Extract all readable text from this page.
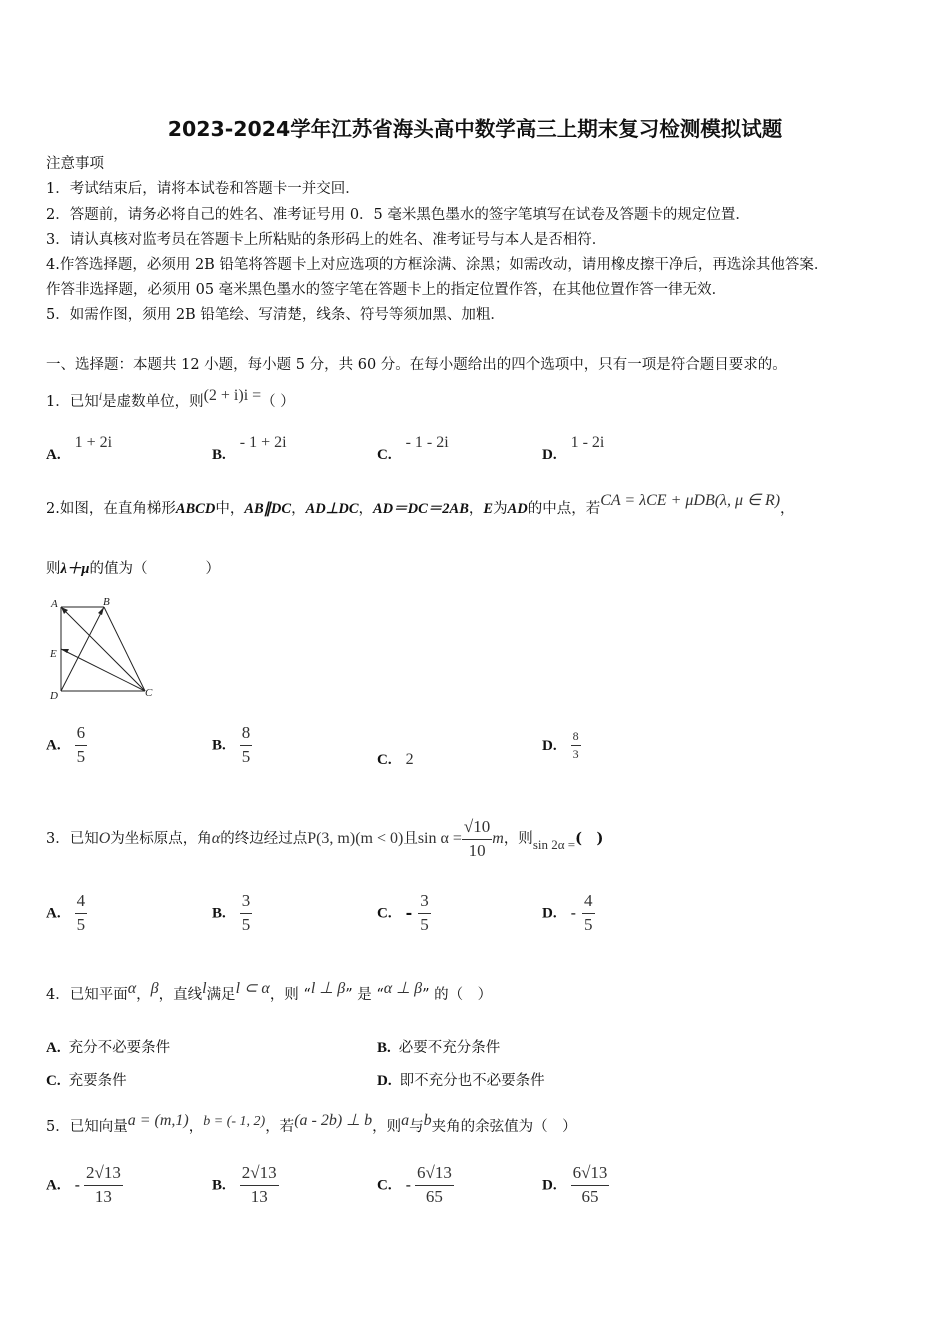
2023-2024学年江苏省海头高中数学高三上期末复习检测模拟试题
注意事项
1．考试结束后，请将本试卷和答题卡一并交回．
2．答题前，请务必将自己的姓名、准考证号用 0．5 毫米黑色墨水的签字笔填写在试卷及答题卡的规定位置．
3．请认真核对监考员在答题卡上所粘贴的条形码上的姓名、准考证号与本人是否相符．
4.作答选择题，必须用 2B 铅笔将答题卡上对应选项的方框涂满、涂黑；如需改动，请用橡皮擦干净后，再选涂其他答案．
作答非选择题，必须用 05 毫米黑色墨水的签字笔在答题卡上的指定位置作答，在其他位置作答一律无效．
5．如需作图，须用 2B 铅笔绘、写清楚，线条、符号等须加黑、加粗．
一、选择题：本题共 12 小题，每小题 5 分，共 60 分。在每小题给出的四个选项中，只有一项是符合题目要求的。
1．已知$^i$是虚数单位，则$^{(2 + i)i =}$（ ）
A.1 + 2i
B.- 1 + 2i
C.- 1 - 2i
D.1 - 2i
2.如图，在直角梯形ABCD中，AB∥DC，AD⊥DC，AD＝DC＝2AB，E为AD的中点，若CA = λCE + μDB(λ, μ ∈ R)，
则λ＋μ的值为（　　　　）
A	B
C
D
E
A. $\frac{6}{5}$	B. $\frac{8}{5}$	C. 2
D. $\frac{8}{3}$
3．已知O为坐标原点，角α的终边经过点P(3, m)(m < 0)且$\sin \alpha = \frac{√10}{10}$ m，则sin 2α =(　)
A. $\frac{4}{5}$	B. $\frac{3}{5}$	C. - $\frac{3}{5}$	D. - $\frac{4}{5}$
4．已知平面$^\alpha$，$^\beta$，直线$^l$满足$^{l \subset \alpha}$，则 “$^{l \perp \beta}$” 是 “$^{\alpha \perp \beta}$” 的（　）
A. 充分不必要条件	B. 必要不充分条件
C. 充要条件	D. 即不充分也不必要条件
5．已知向量$^{a = (m,1)}$，$^{b = (- 1, 2)}$，若$^{(a - 2b) \perp b}$，则$^a$与$^b$夹角的余弦值为（　）
A. - $\frac{2√13}{13}$	B. $\frac{2√13}{13}$	C. - $\frac{6√13}{65}$	D. $\frac{6√13}{65}$
